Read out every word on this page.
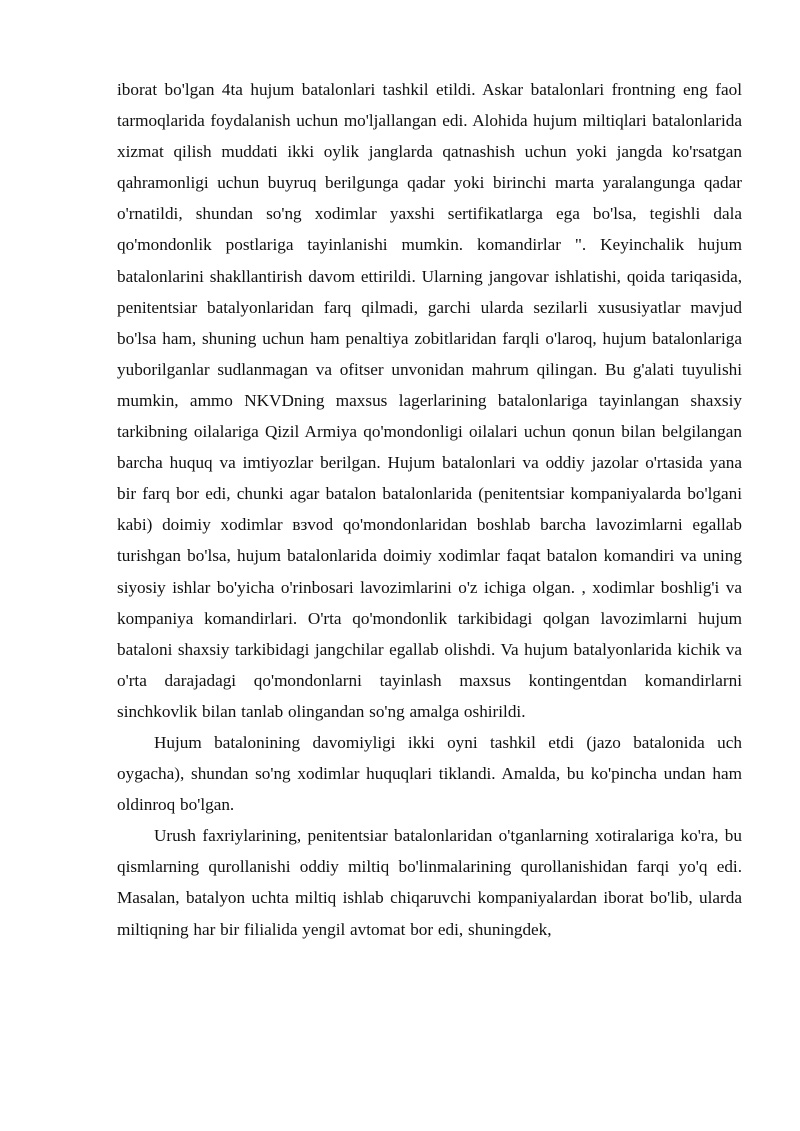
iborat bo'lgan 4ta hujum batalonlari tashkil etildi. Askar batalonlari frontning eng faol tarmoqlarida foydalanish uchun mo'ljallangan edi. Alohida hujum miltiqlari batalonlarida xizmat qilish muddati ikki oylik janglarda qatnashish uchun yoki jangda ko'rsatgan qahramonligi uchun buyruq berilgunga qadar yoki birinchi marta yaralangunga qadar o'rnatildi, shundan so'ng xodimlar yaxshi sertifikatlarga ega bo'lsa, tegishli dala qo'mondonlik postlariga tayinlanishi mumkin. komandirlar ". Keyinchalik hujum batalonlarini shakllantirish davom ettirildi. Ularning jangovar ishlatishi, qoida tariqasida, penitentsiar batalyonlaridan farq qilmadi, garchi ularda sezilarli xususiyatlar mavjud bo'lsa ham, shuning uchun ham penaltiya zobitlaridan farqli o'laroq, hujum batalonlariga yuborilganlar sudlanmagan va ofitser unvonidan mahrum qilingan. Bu g'alati tuyulishi mumkin, ammo NKVDning maxsus lagerlarining batalonlariga tayinlangan shaxsiy tarkibning oilalariga Qizil Armiya qo'mondonligi oilalari uchun qonun bilan belgilangan barcha huquq va imtiyozlar berilgan. Hujum batalonlari va oddiy jazolar o'rtasida yana bir farq bor edi, chunki agar batalon batalonlarida (penitentsiar kompaniyalarda bo'lgani kabi) doimiy xodimlar взvod qo'mondonlaridan boshlab barcha lavozimlarni egallab turishgan bo'lsa, hujum batalonlarida doimiy xodimlar faqat batalon komandiri va uning siyosiy ishlar bo'yicha o'rinbosari lavozimlarini o'z ichiga olgan. , xodimlar boshlig'i va kompaniya komandirlari. O'rta qo'mondonlik tarkibidagi qolgan lavozimlarni hujum bataloni shaxsiy tarkibidagi jangchilar egallab olishdi. Va hujum batalyonlarida kichik va o'rta darajadagi qo'mondonlarni tayinlash maxsus kontingentdan komandirlarni sinchkovlik bilan tanlab olingandan so'ng amalga oshirildi.

Hujum batalonining davomiyligi ikki oyni tashkil etdi (jazo batalonida uch oygacha), shundan so'ng xodimlar huquqlari tiklandi. Amalda, bu ko'pincha undan ham oldinroq bo'lgan.

Urush faxriylarining, penitentsiar batalonlaridan o'tganlarning xotiralariga ko'ra, bu qismlarning qurollanishi oddiy miltiq bo'linmalarining qurollanishidan farqi yo'q edi. Masalan, batalyon uchta miltiq ishlab chiqaruvchi kompaniyalardan iborat bo'lib, ularda miltiqning har bir filialida yengil avtomat bor edi, shuningdek,
